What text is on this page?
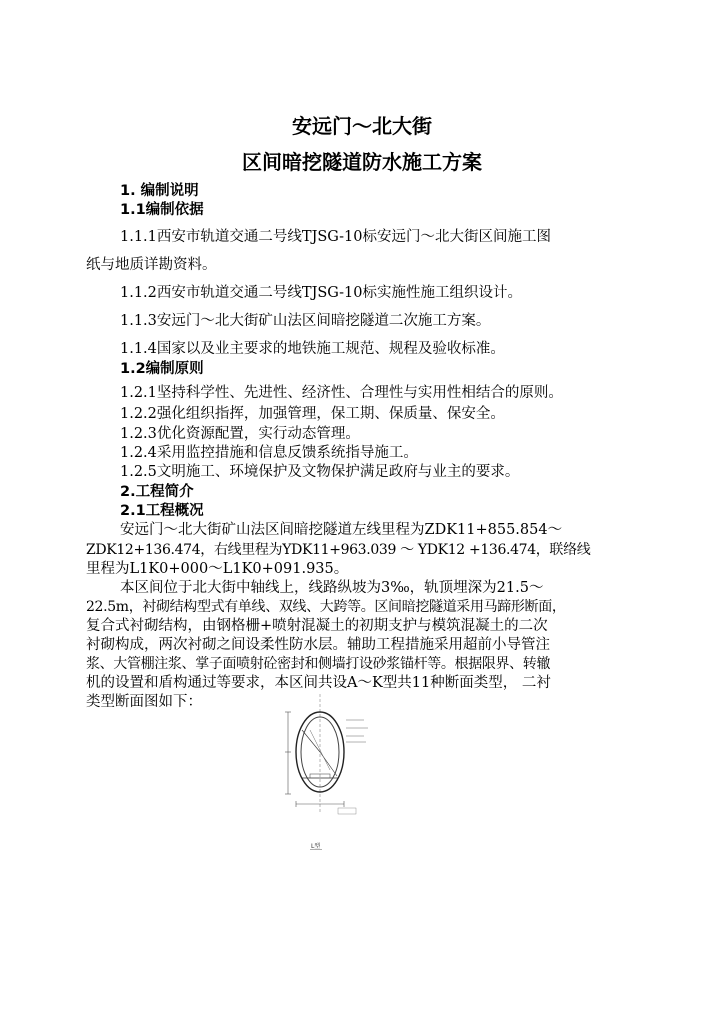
安远门～北大街
区间暗挖隧道防水施工方案
1. 编制说明
1.1编制依据
1.1.1西安市轨道交通二号线TJSG-10标安远门～北大街区间施工图
纸与地质详勘资料。
1.1.2西安市轨道交通二号线TJSG-10标实施性施工组织设计。
1.1.3安远门～北大街矿山法区间暗挖隧道二次施工方案。
1.1.4国家以及业主要求的地铁施工规范、规程及验收标准。
1.2编制原则
1.2.1坚持科学性、先进性、经济性、合理性与实用性相结合的原则。
1.2.2强化组织指挥，加强管理，保工期、保质量、保安全。
1.2.3优化资源配置，实行动态管理。
1.2.4采用监控措施和信息反馈系统指导施工。
1.2.5文明施工、环境保护及文物保护满足政府与业主的要求。
2.工程简介
2.1工程概况
安远门～北大街矿山法区间暗挖隧道左线里程为ZDK11+855.854～
ZDK12+136.474，右线里程为YDK11+963.039 ～ YDK12 +136.474，联络线
里程为L1K0+000～L1K0+091.935。
本区间位于北大街中轴线上，线路纵坡为3‰，轨顶埋深为21.5～
22.5m，衬砌结构型式有单线、双线、大跨等。区间暗挖隧道采用马蹄形断面，
复合式衬砌结构，由钢格栅+喷射混凝土的初期支护与模筑混凝土的二次
衬砌构成，两次衬砌之间设柔性防水层。辅助工程措施采用超前小导管注
浆、大管棚注浆、掌子面喷射砼密封和侧墙打设砂浆锚杆等。根据限界、转辙
机的设置和盾构通过等要求，本区间共设A～K型共11种断面类型， 二衬
类型断面图如下：
L型
